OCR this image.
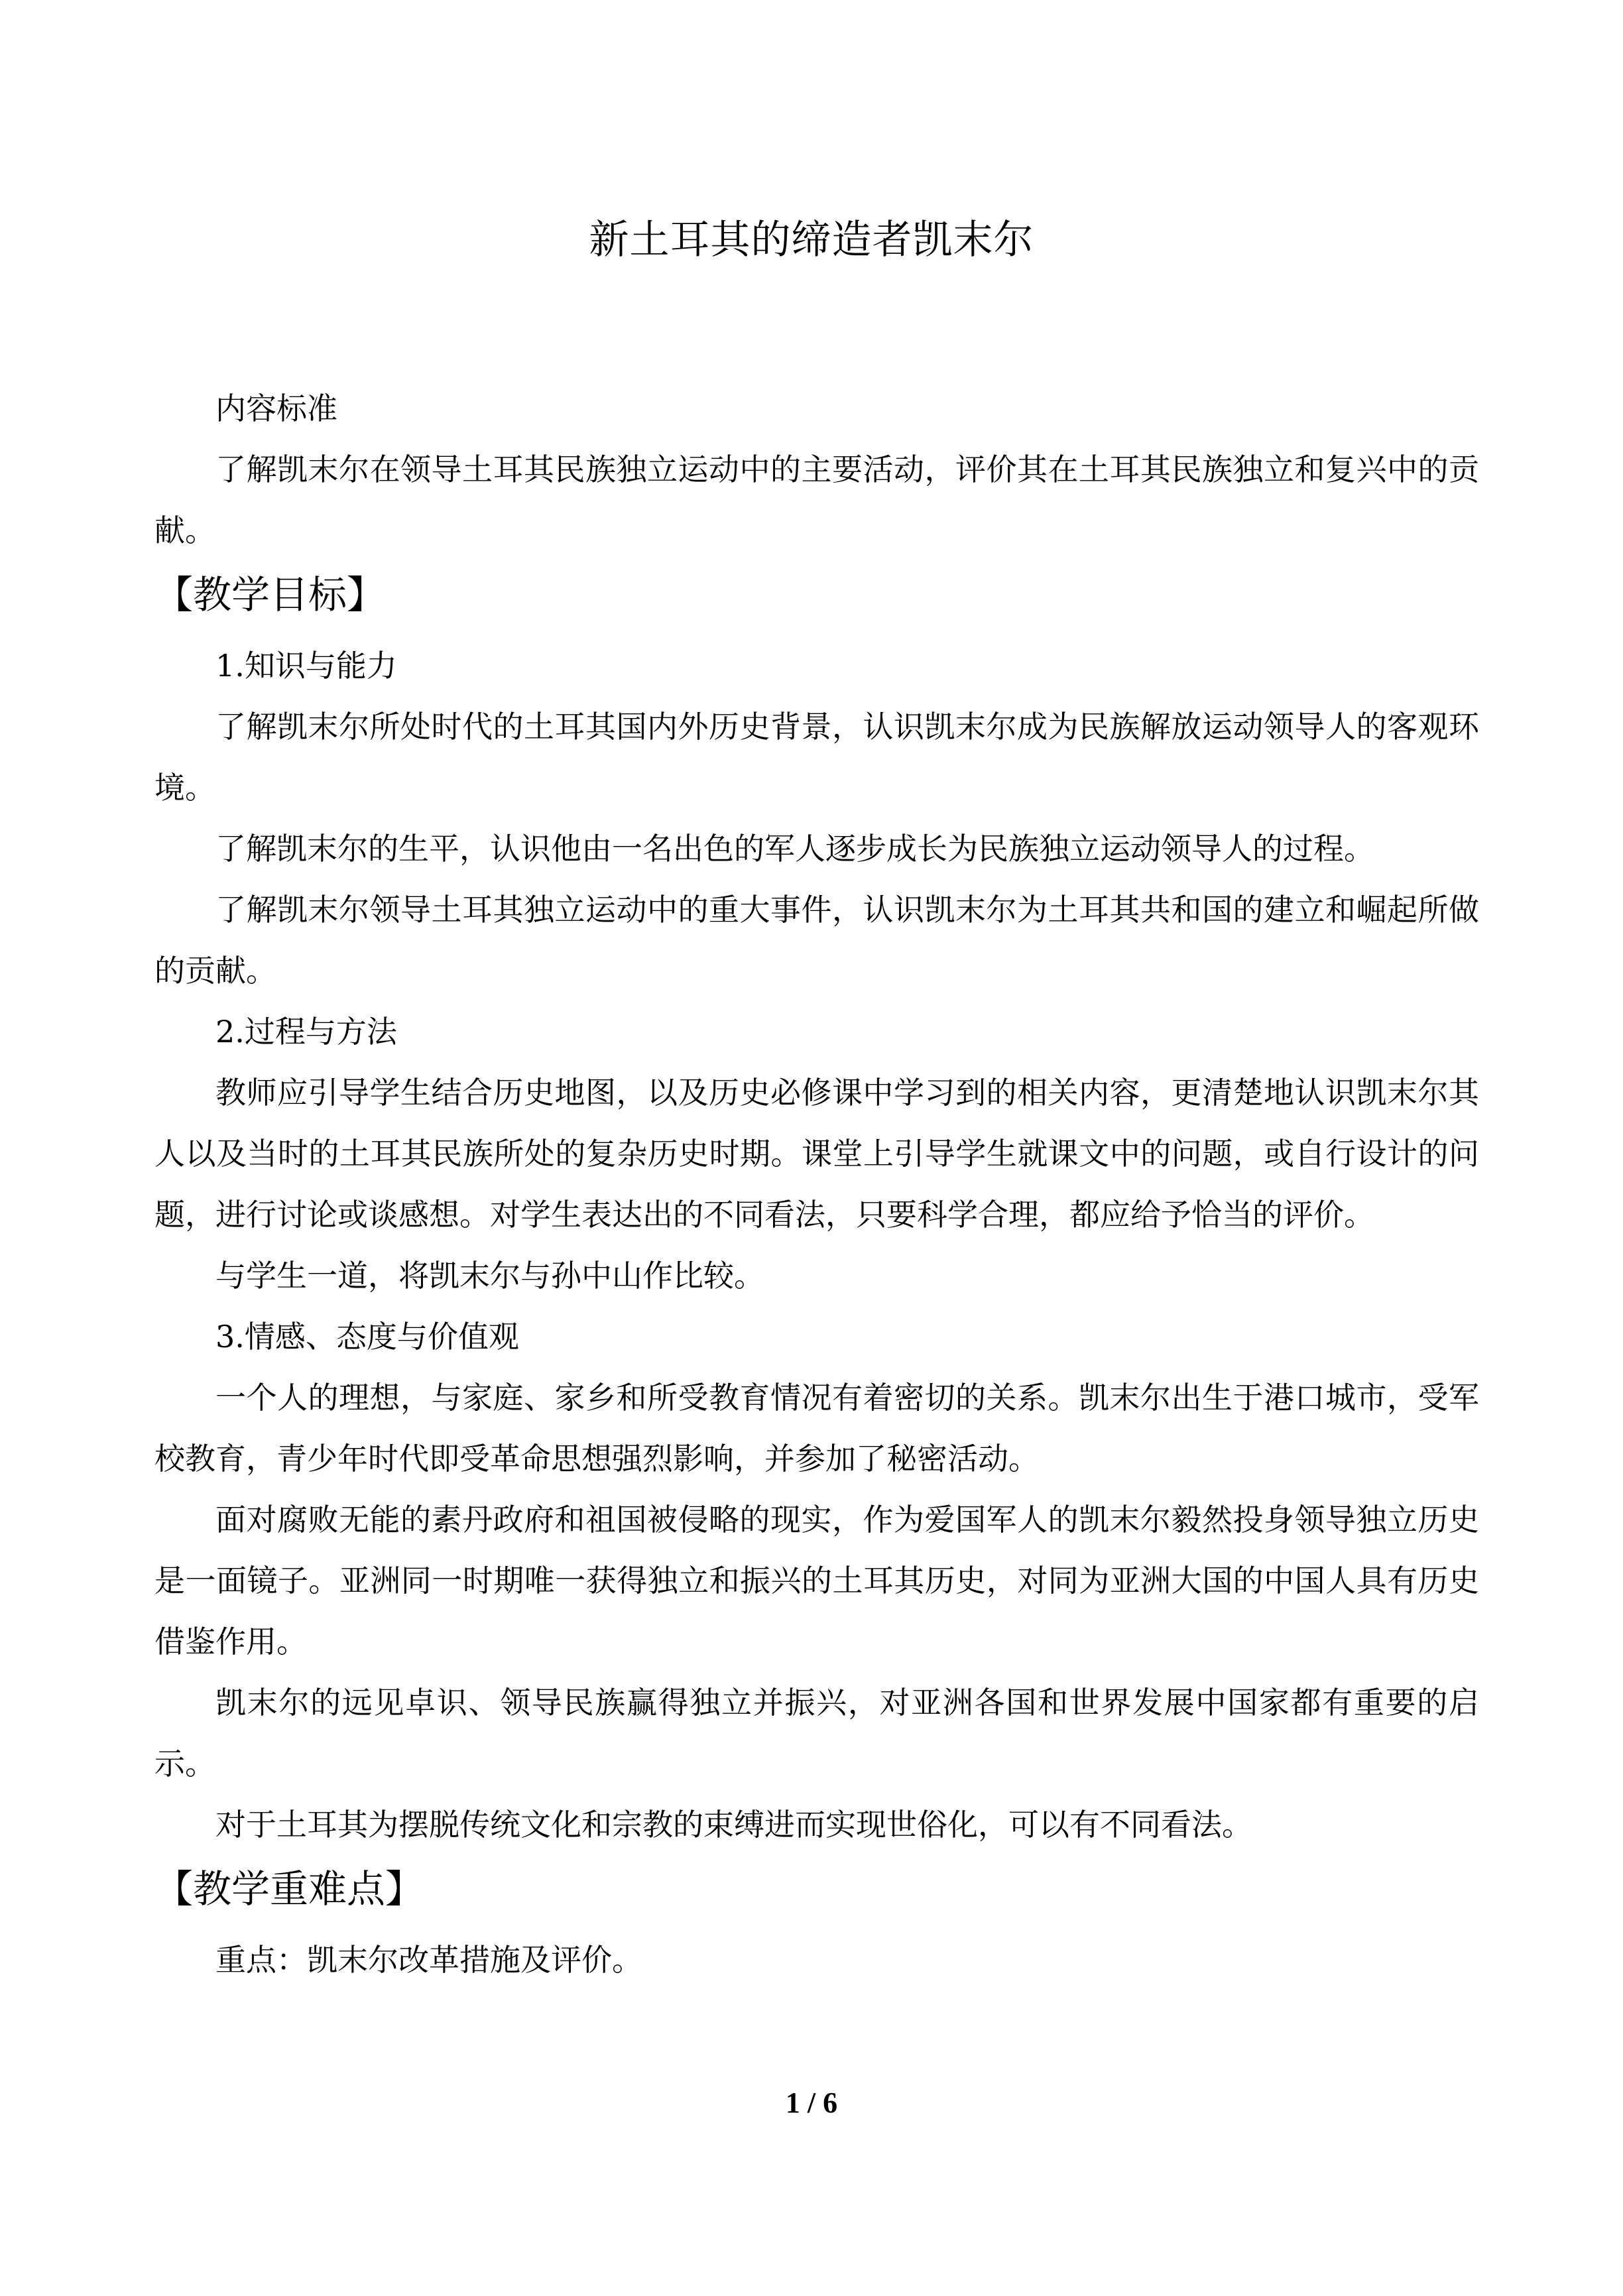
新土耳其的缔造者凯末尔

内容标准

了解凯末尔在领导土耳其民族独立运动中的主要活动，评价其在土耳其民族独立和复兴中的贡献。

【教学目标】

1.知识与能力

了解凯末尔所处时代的土耳其国内外历史背景，认识凯末尔成为民族解放运动领导人的客观环境。

了解凯末尔的生平，认识他由一名出色的军人逐步成长为民族独立运动领导人的过程。

了解凯末尔领导土耳其独立运动中的重大事件，认识凯末尔为土耳其共和国的建立和崛起所做的贡献。

2.过程与方法

教师应引导学生结合历史地图，以及历史必修课中学习到的相关内容，更清楚地认识凯末尔其人以及当时的土耳其民族所处的复杂历史时期。课堂上引导学生就课文中的问题，或自行设计的问题，进行讨论或谈感想。对学生表达出的不同看法，只要科学合理，都应给予恰当的评价。

与学生一道，将凯末尔与孙中山作比较。

3.情感、态度与价值观

一个人的理想，与家庭、家乡和所受教育情况有着密切的关系。凯末尔出生于港口城市，受军校教育，青少年时代即受革命思想强烈影响，并参加了秘密活动。

面对腐败无能的素丹政府和祖国被侵略的现实，作为爱国军人的凯末尔毅然投身领导独立历史是一面镜子。亚洲同一时期唯一获得独立和振兴的土耳其历史，对同为亚洲大国的中国人具有历史借鉴作用。

凯末尔的远见卓识、领导民族赢得独立并振兴，对亚洲各国和世界发展中国家都有重要的启示。

对于土耳其为摆脱传统文化和宗教的束缚进而实现世俗化，可以有不同看法。

【教学重难点】

重点：凯末尔改革措施及评价。

1 / 6
